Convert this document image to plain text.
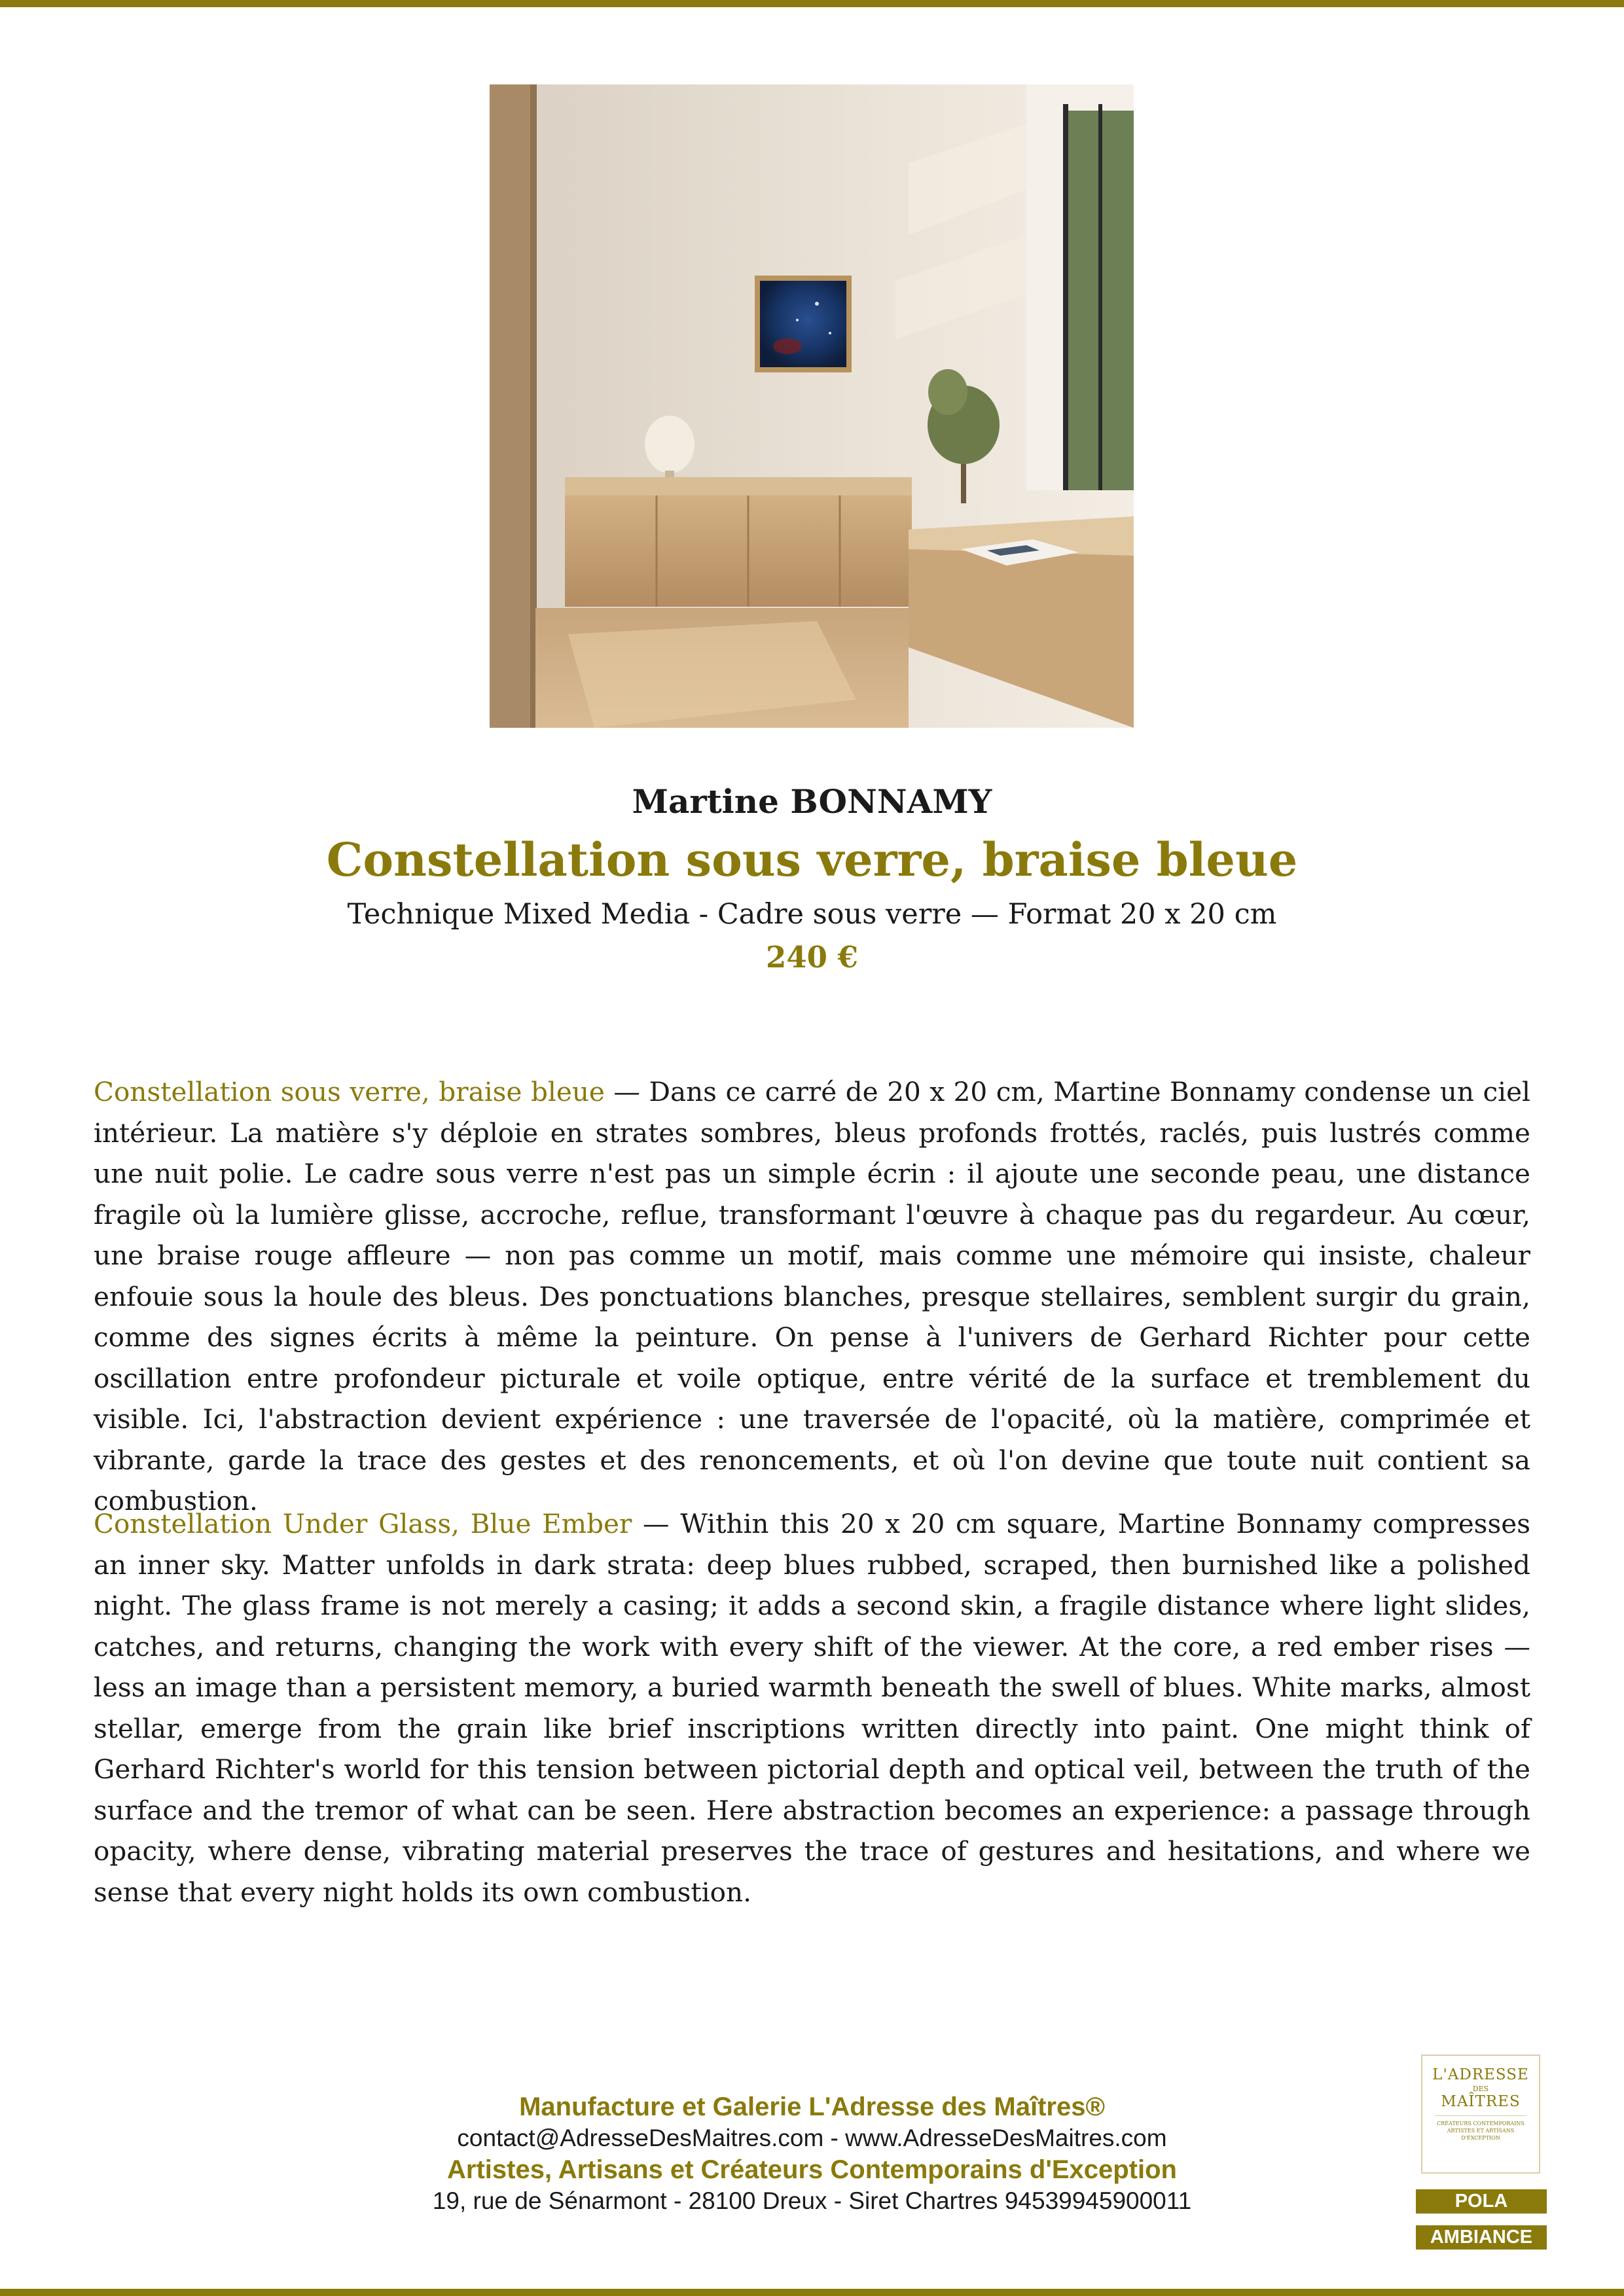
Martine BONNAMY
Constellation sous verre, braise bleue
Technique Mixed Media - Cadre sous verre — Format 20 x 20 cm
240 €

Constellation sous verre, braise bleue — Dans ce carré de 20 x 20 cm, Martine Bonnamy condense un ciel intérieur. La matière s'y déploie en strates sombres, bleus profonds frottés, raclés, puis lustrés comme une nuit polie. Le cadre sous verre n'est pas un simple écrin : il ajoute une seconde peau, une distance fragile où la lumière glisse, accroche, reflue, transformant l'œuvre à chaque pas du regardeur. Au cœur, une braise rouge affleure — non pas comme un motif, mais comme une mémoire qui insiste, chaleur enfouie sous la houle des bleus. Des ponctuations blanches, presque stellaires, semblent surgir du grain, comme des signes écrits à même la peinture. On pense à l'univers de Gerhard Richter pour cette oscillation entre profondeur picturale et voile optique, entre vérité de la surface et tremblement du visible. Ici, l'abstraction devient expérience : une traversée de l'opacité, où la matière, comprimée et vibrante, garde la trace des gestes et des renoncements, et où l'on devine que toute nuit contient sa combustion.

Constellation Under Glass, Blue Ember — Within this 20 x 20 cm square, Martine Bonnamy compresses an inner sky. Matter unfolds in dark strata: deep blues rubbed, scraped, then burnished like a polished night. The glass frame is not merely a casing; it adds a second skin, a fragile distance where light slides, catches, and returns, changing the work with every shift of the viewer. At the core, a red ember rises — less an image than a persistent memory, a buried warmth beneath the swell of blues. White marks, almost stellar, emerge from the grain like brief inscriptions written directly into paint. One might think of Gerhard Richter's world for this tension between pictorial depth and optical veil, between the truth of the surface and the tremor of what can be seen. Here abstraction becomes an experience: a passage through opacity, where dense, vibrating material preserves the trace of gestures and hesitations, and where we sense that every night holds its own combustion.

Manufacture et Galerie L'Adresse des Maîtres®
contact@AdresseDesMaitres.com - www.AdresseDesMaitres.com
Artistes, Artisans et Créateurs Contemporains d'Exception
19, rue de Sénarmont - 28100 Dreux - Siret Chartres 94539945900011
L'ADRESSE
DES
MAÎTRES
CRÉATEURS CONTEMPORAINS ARTISTES ET ARTISANS D'EXCEPTION
POLA
AMBIANCE
